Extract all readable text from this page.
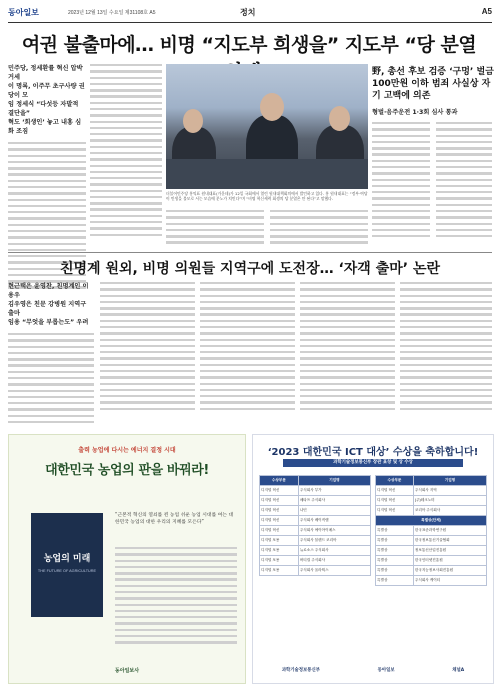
동아일보	2023년 12월 13일 수요일 제31108호 A5	정치	A5
여권 불출마에… 비명 “지도부 희생을” 지도부 “당 분열
민주당, 정세환률 혁신 압박 거세
이 명록, 이주무 초구사량 권당이 모
임 정세식 “다섯등 자발적 결단을”
혁도 ‘회생인’ 놓고 내홍 심화 조짐
더불어민주당 홍익표 원내대표(가운데)가 12일 국회에서 열린 원내대책회의에서 발언하고 있다. 홍 원내대표는 “정부·여당이 민생을 볼모로 서는 모습에 분노가 치민다”며 “비명 혁신세력 회생의 당 분열은 안 된다”고 말했다.
野, 총선 후보 검증 ‘구멍’ 벌금 100만원 이하 범죄 사실상 자기 고백에 의존
형벌·음주운전 1·3회 심사 통과
친명계 원외, 비명 의원들 지역구에 도전장… ‘자객 출마’ 논란
현근택은 윤영찬, 친명계인 이용우
김우영은 친문 강병원 지역구 출마
임용 “무엇을 부롭는도” 우려
출력 농업에 다시는 에너지 결정 시대
대한민국 농업의 판을 바꿔라!
농업의 미래
THE FUTURE OF AGRICULTURE
“근본적 혁신의 열쇠를 쥔 농업 쉬운 농업 시대를 여는 대한민국 농업의 대한 우리의 지혜를 모은다”
동아일보사
‘2023 대한민국 ICT 대상’ 수상을 축하합니다!
과학기술정보통신부 장관 표창 및 상 수상
수상부문	기업명
디지털 혁신	주식회사 부가
디지털 혁신	메타프 주식회사
디지털 혁신	나딘
디지털 혁신	주식회사 베이직랩
디지털 혁신	주식회사 에이아이메스
디지털 포용	주식회사 블렌드 코리아
디지털 포용	뉴로소스 주식회사
디지털 포용	버티컬 주식회사
디지털 포용	주식회사 올라웍스
수상부문	기업명
디지털 혁신	주식회사 지역
디지털 혁신	(주)테크노미
디지털 혁신	코리아 주식회사
특별상(단체)	
특별상	한국표준과학연구원
특별상	한국정보통신기술협회
특별상	정보통신산업진흥원
특별상	한국인터넷진흥원
특별상	한국지능정보사회진흥원
특별상	주식회사 케이티
과학기술정보통신부	동아일보	채널A
